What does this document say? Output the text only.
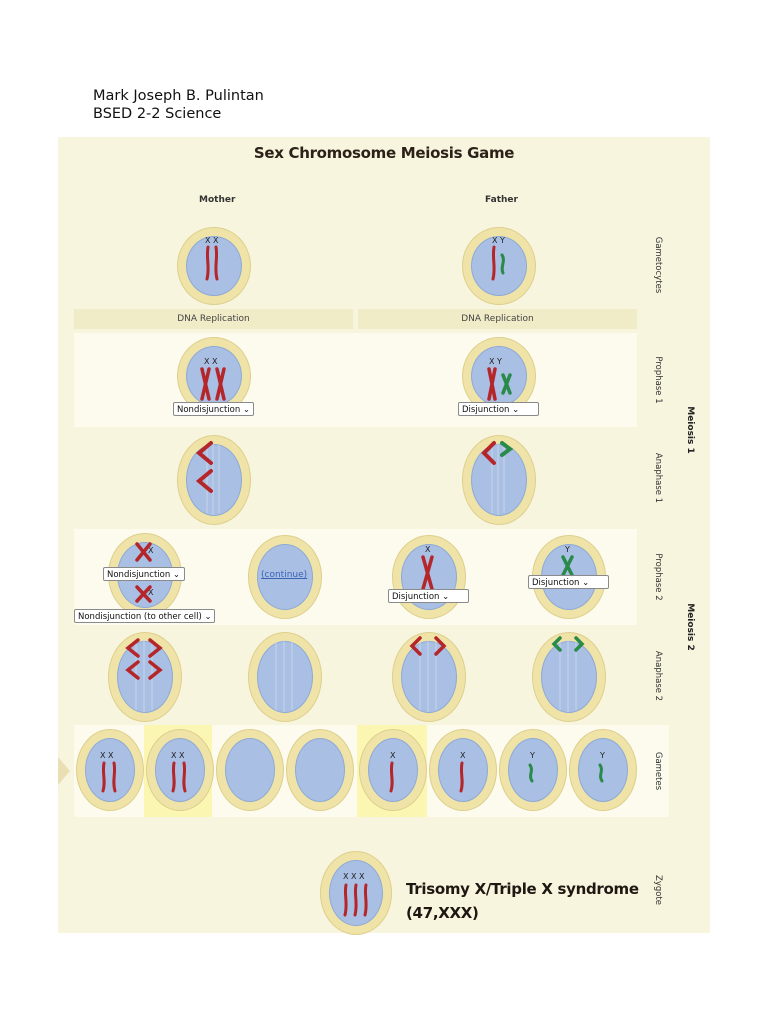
Mark Joseph B. Pulintan
BSED 2-2 Science
Sex Chromosome Meiosis Game
Mother	Father
X X	X Y	Gametocytes
DNA Replication	DNA Replication
X X
Nondisjunction ⌄
X Y
Disjunction ⌄
Prophase 1
Anaphase 1
Meiosis 1
X
X
Nondisjunction ⌄
Nondisjunction (to other cell) ⌄
(continue)
X
Disjunction ⌄
Y
Disjunction ⌄	Prophase 2
Anaphase 2
Meiosis 2
X X	X X	X	X	Y	Y	Gametes
X X X
Trisomy X/Triple X syndrome
(47,XXX)
Zygote
